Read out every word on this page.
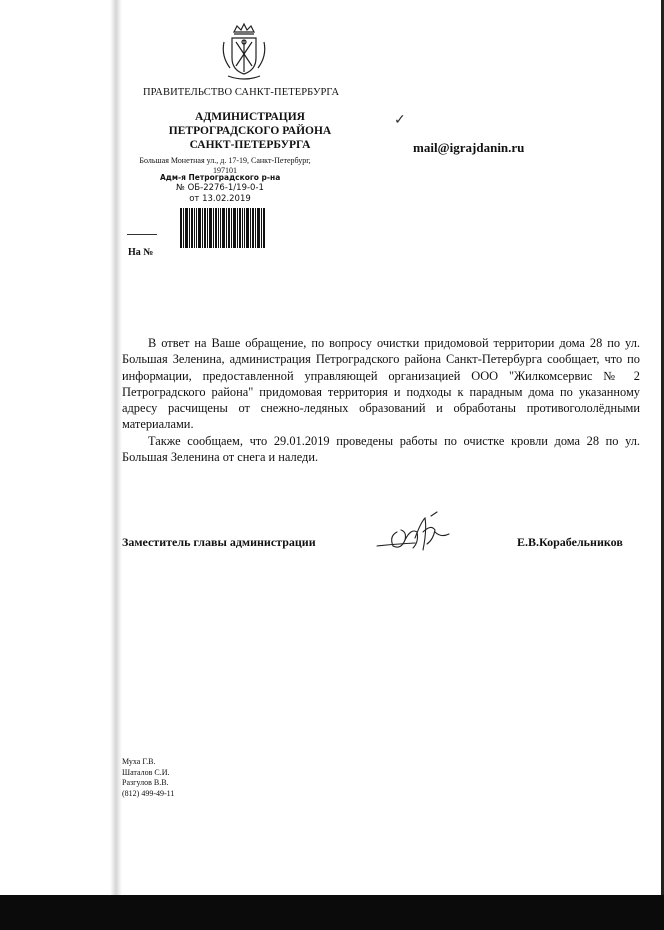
ПРАВИТЕЛЬСТВО САНКТ-ПЕТЕРБУРГА
АДМИНИСТРАЦИЯ
ПЕТРОГРАДСКОГО РАЙОНА
САНКТ-ПЕТЕРБУРГА
Большая Монетная ул., д. 17-19, Санкт-Петербург,
197101
Адм-я Петроградского р-на
№ ОБ-2276-1/19-0-1
от 13.02.2019
✓
mail@igrajdanin.ru
На №

В ответ на Ваше обращение, по вопросу очистки придомовой территории дома 28 по ул. Большая Зеленина, администрация Петроградского района Санкт-Петербурга сообщает, что по информации, предоставленной управляющей организацией ООО "Жилкомсервис № 2 Петроградского района" придомовая территория и подходы к парадным дома по указанному адресу расчищены от снежно-ледяных образований и обработаны противогололёдными материалами.

Также сообщаем, что 29.01.2019 проведены работы по очистке кровли дома 28 по ул. Большая Зеленина от снега и наледи.

Заместитель главы администрации	Е.В.Корабельников
Муха Г.В.
Шаталов С.И.
Разгулов В.В.
(812) 499-49-11
